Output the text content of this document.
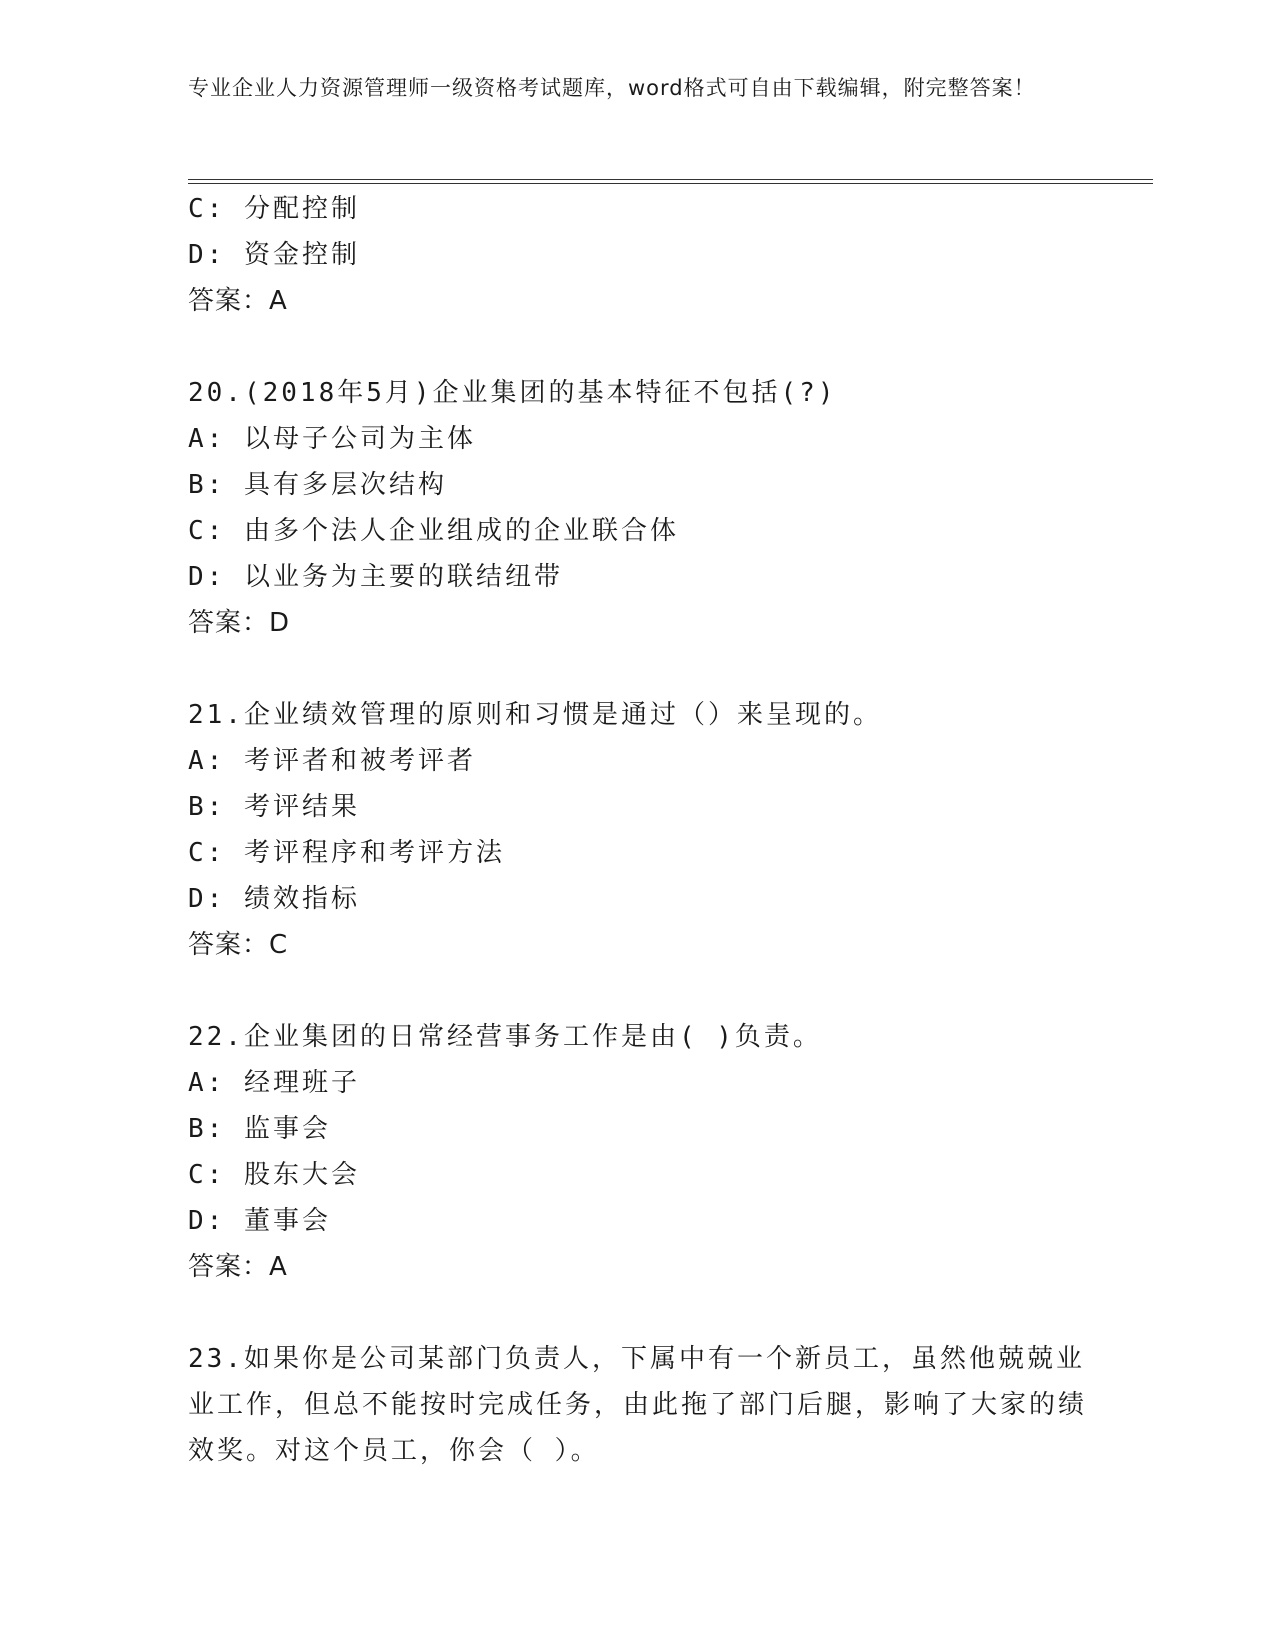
专业企业人力资源管理师一级资格考试题库，word格式可自由下载编辑，附完整答案！
C: 分配控制
D: 资金控制
答案：A
20.(2018年5月)企业集团的基本特征不包括(?)
A: 以母子公司为主体
B: 具有多层次结构
C: 由多个法人企业组成的企业联合体
D: 以业务为主要的联结纽带
答案：D
21.企业绩效管理的原则和习惯是通过（）来呈现的。
A: 考评者和被考评者
B: 考评结果
C: 考评程序和考评方法
D: 绩效指标
答案：C
22.企业集团的日常经营事务工作是由( )负责。
A: 经理班子
B: 监事会
C: 股东大会
D: 董事会
答案：A
23.如果你是公司某部门负责人，下属中有一个新员工，虽然他兢兢业业工作，但总不能按时完成任务，由此拖了部门后腿，影响了大家的绩效奖。对这个员工，你会（ ）。
